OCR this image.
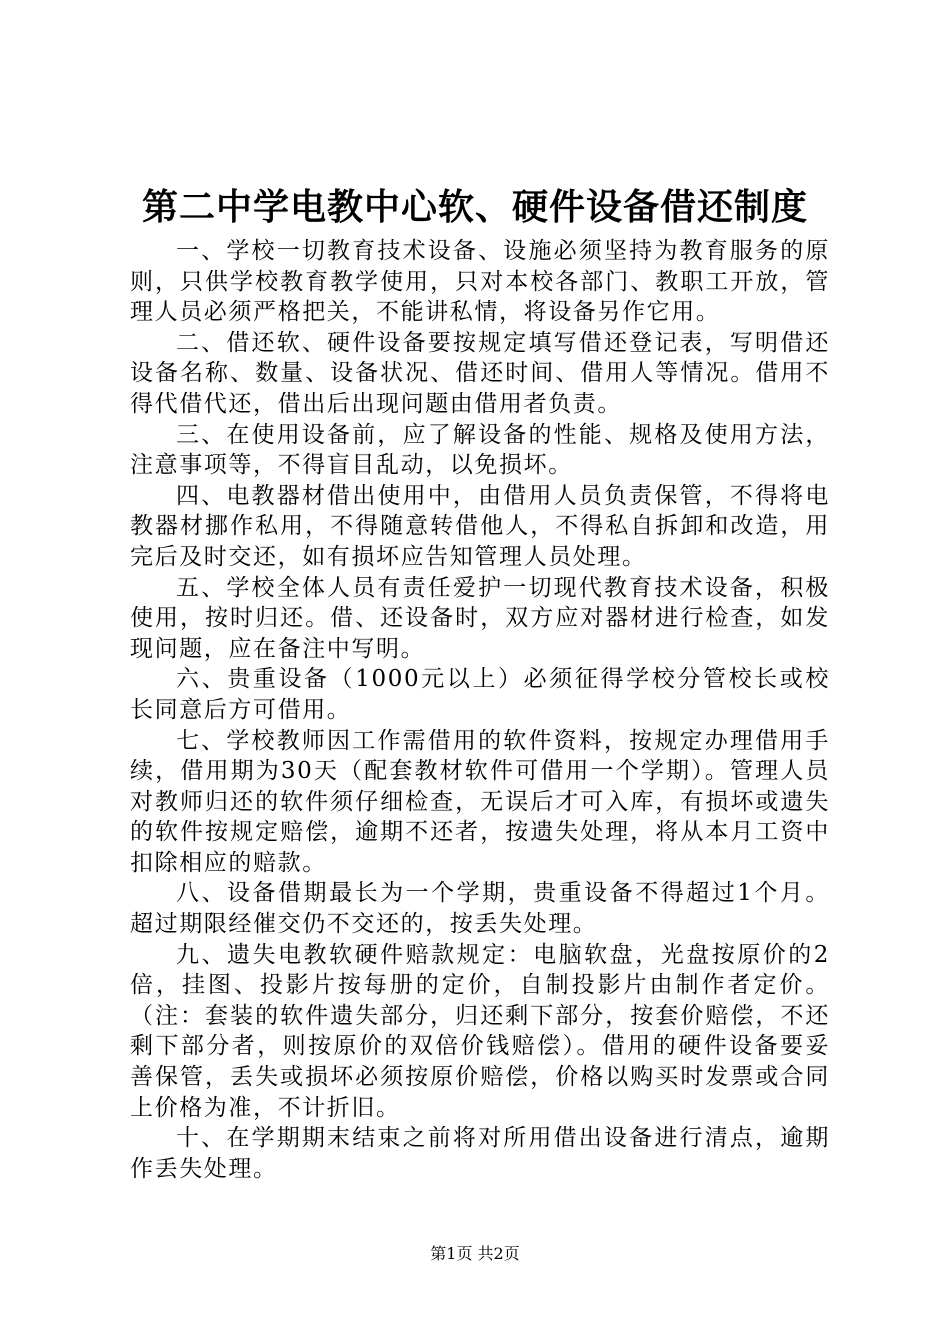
第二中学电教中心软、硬件设备借还制度

一、学校一切教育技术设备、设施必须坚持为教育服务的原则，只供学校教育教学使用，只对本校各部门、教职工开放，管理人员必须严格把关，不能讲私情，将设备另作它用。

二、借还软、硬件设备要按规定填写借还登记表，写明借还设备名称、数量、设备状况、借还时间、借用人等情况。借用不得代借代还，借出后出现问题由借用者负责。

三、在使用设备前，应了解设备的性能、规格及使用方法，注意事项等，不得盲目乱动，以免损坏。

四、电教器材借出使用中，由借用人员负责保管，不得将电教器材挪作私用，不得随意转借他人，不得私自拆卸和改造，用完后及时交还，如有损坏应告知管理人员处理。

五、学校全体人员有责任爱护一切现代教育技术设备，积极使用，按时归还。借、还设备时，双方应对器材进行检查，如发现问题，应在备注中写明。

六、贵重设备（1000元以上）必须征得学校分管校长或校长同意后方可借用。

七、学校教师因工作需借用的软件资料，按规定办理借用手续，借用期为30天（配套教材软件可借用一个学期）。管理人员对教师归还的软件须仔细检查，无误后才可入库，有损坏或遗失的软件按规定赔偿，逾期不还者，按遗失处理，将从本月工资中扣除相应的赔款。

八、设备借期最长为一个学期，贵重设备不得超过1个月。超过期限经催交仍不交还的，按丢失处理。

九、遗失电教软硬件赔款规定：电脑软盘，光盘按原价的2倍，挂图、投影片按每册的定价，自制投影片由制作者定价。（注：套装的软件遗失部分，归还剩下部分，按套价赔偿，不还剩下部分者，则按原价的双倍价钱赔偿）。借用的硬件设备要妥善保管，丢失或损坏必须按原价赔偿，价格以购买时发票或合同上价格为准，不计折旧。

十、在学期期末结束之前将对所用借出设备进行清点，逾期作丢失处理。

第1页 共2页
